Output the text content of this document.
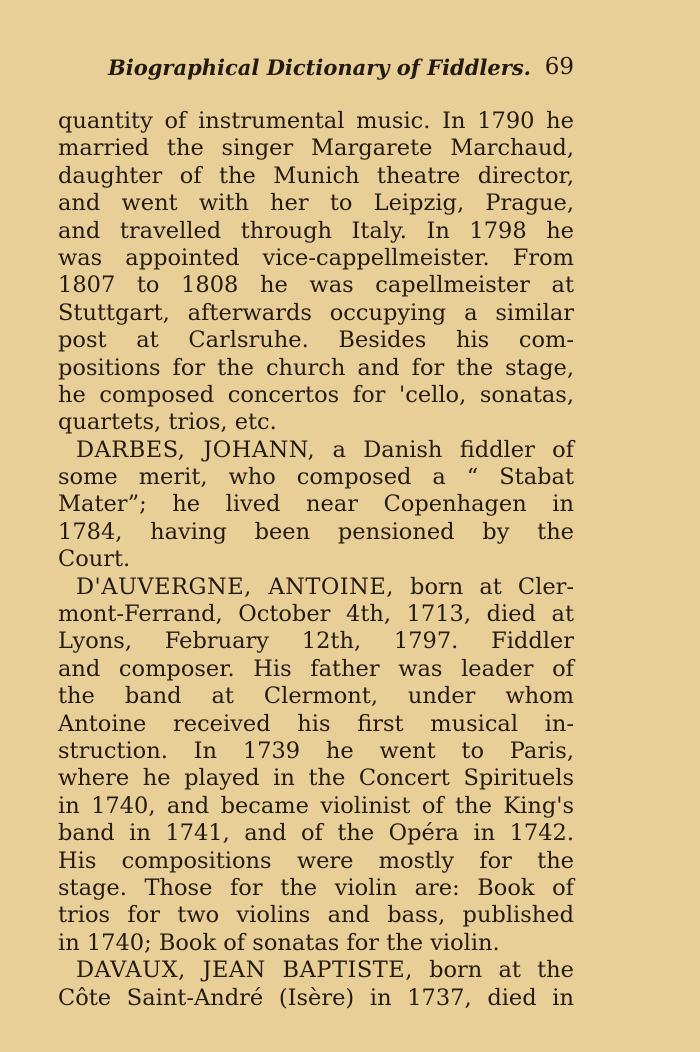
Biographical Dictionary of Fiddlers. 69
quantity of instrumental music. In 1790 he
married the singer Margarete Marchaud,
daughter of the Munich theatre director,
and went with her to Leipzig, Prague,
and travelled through Italy. In 1798 he
was appointed vice-cappellmeister. From
1807 to 1808 he was capellmeister at
Stuttgart, afterwards occupying a similar
post at Carlsruhe. Besides his com-
positions for the church and for the stage,
he composed concertos for 'cello, sonatas,
quartets, trios, etc.
DARBES, JOHANN, a Danish fiddler of
some merit, who composed a “ Stabat
Mater”; he lived near Copenhagen in
1784, having been pensioned by the
Court.
D'AUVERGNE, ANTOINE, born at Cler-
mont-Ferrand, October 4th, 1713, died at
Lyons, February 12th, 1797. Fiddler
and composer. His father was leader of
the band at Clermont, under whom
Antoine received his first musical in-
struction. In 1739 he went to Paris,
where he played in the Concert Spirituels
in 1740, and became violinist of the King's
band in 1741, and of the Opéra in 1742.
His compositions were mostly for the
stage. Those for the violin are: Book of
trios for two violins and bass, published
in 1740; Book of sonatas for the violin.
DAVAUX, JEAN BAPTISTE, born at the
Côte Saint-André (Isère) in 1737, died in
